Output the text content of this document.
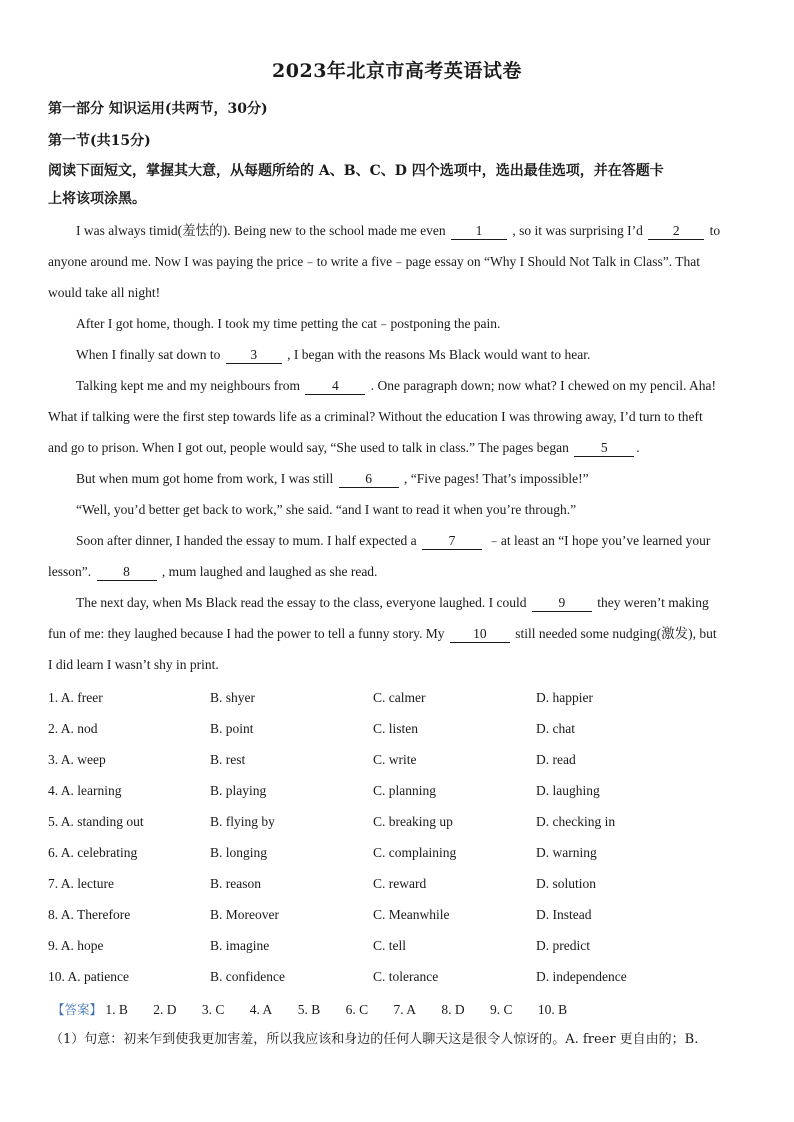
2023年北京市高考英语试卷
第一部分 知识运用(共两节，30分)
第一节(共15分)
阅读下面短文，掌握其大意，从每题所给的 A、B、C、D 四个选项中，选出最佳选项，并在答题卡
上将该项涂黑。
I was always timid(羞怯的). Being new to the school made me even 1 , so it was surprising I’d 2 to
anyone around me. Now I was paying the price﹣to write a five﹣page essay on “Why I Should Not Talk in Class”. That
would take all night!
After I got home, though. I took my time petting the cat﹣postponing the pain.
When I finally sat down to 3 , I began with the reasons Ms Black would want to hear.
Talking kept me and my neighbours from 4 . One paragraph down; now what? I chewed on my pencil. Aha!
What if talking were the first step towards life as a criminal? Without the education I was throwing away, I’d turn to theft
and go to prison. When I got out, people would say, “She used to talk in class.” The pages began 5 .
But when mum got home from work, I was still 6 , “Five pages! That’s impossible!”
“Well, you’d better get back to work,” she said. “and I want to read it when you’re through.”
Soon after dinner, I handed the essay to mum. I half expected a 7 ﹣at least an “I hope you’ve learned your
lesson”. 8 , mum laughed and laughed as she read.
The next day, when Ms Black read the essay to the class, everyone laughed. I could 9 they weren’t making
fun of me: they laughed because I had the power to tell a funny story. My 10 still needed some nudging(激发), but
I did learn I wasn’t shy in print.
1. A. freer	B. shyer	C. calmer	D. happier
2. A. nod	B. point	C. listen	D. chat
3. A. weep	B. rest	C. write	D. read
4. A. learning	B. playing	C. planning	D. laughing
5. A. standing out	B. flying by	C. breaking up	D. checking in
6. A. celebrating	B. longing	C. complaining	D. warning
7. A. lecture	B. reason	C. reward	D. solution
8. A. Therefore	B. Moreover	C. Meanwhile	D. Instead
9. A. hope	B. imagine	C. tell	D. predict
10. A. patience	B. confidence	C. tolerance	D. independence
【答案】 1. B 2. D 3. C 4. A 5. B 6. C 7. A 8. D 9. C 10. B
（1）句意：初来乍到使我更加害羞，所以我应该和身边的任何人聊天这是很令人惊讶的。A. freer 更自由的；B.
